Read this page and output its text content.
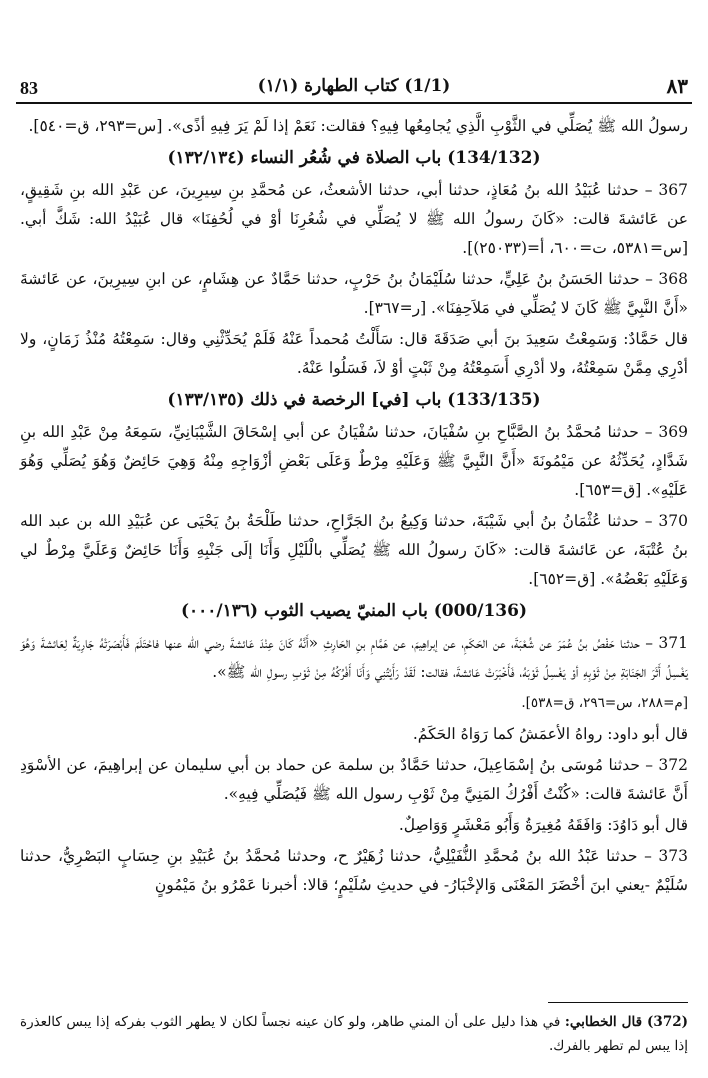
83	(1/1) كتاب الطهارة (١/١)	٨٣

رسولُ الله ﷺ يُصَلِّي في الثَّوْبِ الَّذِي يُجامِعُها فِيهِ؟ فقالت: نَعَمْ إذا لَمْ يَرَ فِيهِ أذًى». [س=٢٩٣، ق=٥٤٠].

(134/132) باب الصلاة في شُعُر النساء (١٣٢/١٣٤)

367 – حدثنا عُبَيْدُ الله بنُ مُعَاذٍ، حدثنا أبي، حدثنا الأشعثُ، عن مُحمَّدِ بنِ سِيرِينَ، عن عَبْدِ الله بنِ شَقِيقٍ، عن عَائشةَ قالت: «كَانَ رسولُ الله ﷺ لا يُصَلِّي في شُعُرِنَا أوْ في لُحُفِنَا» قال عُبَيْدُ الله: شَكَّ أبي. [س=٥٣٨١، ت=٦٠٠، أ=(٢٥٠٣٣)].

368 – حدثنا الحَسَنُ بنُ عَلِيٍّ، حدثنا سُلَيْمَانُ بنُ حَرْبٍ، حدثنا حَمَّادٌ عن هِشَامٍ، عن ابنِ سِيرِينَ، عن عَائشةَ «أَنَّ النَّبِيَّ ﷺ كَانَ لا يُصَلِّي في مَلاَحِفِنَا». [ر=٣٦٧].

قال حَمَّادٌ: وَسَمِعْتُ سَعِيدَ بنَ أبي صَدَقَةَ قال: سَأَلْتُ مُحمداً عَنْهُ فَلَمْ يُحَدِّثْنِي وقال: سَمِعْتُهُ مُنْذُ زَمَانٍ، ولا أدْرِي مِمَّنْ سَمِعْتُهُ، ولا أدْرِي أَسَمِعْتُهُ مِنْ ثَبْتٍ أوْ لاَ، فَسَلُوا عَنْهُ.

(133/135) باب [في] الرخصة في ذلك (١٣٣/١٣٥)

369 – حدثنا مُحمَّدُ بنُ الصَّبَّاحِ بنِ سُفْيَانَ، حدثنا سُفْيَانُ عن أبي إسْحَاقَ الشَّيْبَانِيِّ، سَمِعَهُ مِنْ عَبْدِ الله بنِ شَدَّادٍ، يُحَدِّثُهُ عن مَيْمُونَةَ «أَنَّ النَّبِيَّ ﷺ وَعَلَيْهِ مِرْطٌ وَعَلَى بَعْضِ أزْوَاجِهِ مِنْهُ وَهِيَ حَائِضٌ وَهُوَ يُصَلِّي وَهُوَ عَلَيْهِ». [ق=٦٥٣].

370 – حدثنا عُثْمَانُ بنُ أبي شَيْبَةَ، حدثنا وَكِيعُ بنُ الجَرَّاحِ، حدثنا طَلْحَةُ بنُ يَحْيَى عن عُبَيْدِ الله بن عبد الله بنُ عُتْبَةَ، عن عَائشةَ قالت: «كَانَ رسولُ الله ﷺ يُصَلِّي بالْلَيْلِ وَأَنَا إلَى جَنْبِهِ وَأَنَا حَائِضٌ وَعَلَيَّ مِرْطٌ لي وَعَلَيْهِ بَعْضُهُ». [ق=٦٥٢].

(000/136) باب المنيّ يصيب الثوب (٠٠٠/١٣٦)

371 – حدثنا حَفْصُ بنُ عُمَرَ عن شُعْبَةَ، عن الحَكَمِ، عن إبراهِيمَ، عن هَمَّامِ بنِ الحَارِثِ «أَنَّهُ كَانَ عِنْدَ عَائشةَ رضي الله عنها فاحْتَلَمَ فَأَبْصَرَتْهُ جَارِيَةٌ لِعَائشةَ وَهُوَ يَغْسِلُ أَثَرَ الجَنَابَةِ مِنْ ثَوْبِهِ أوْ يَغْسِلُ ثَوْبَهُ، فَأَخْبَرَتْ عَائشةَ، فقالت: لَقَدْ رَأَيْتُنِي وَأَنَا أَفْرُكُهُ مِنْ ثَوْبِ رسولِ الله ﷺ».

[م=٢٨٨، س=٢٩٦، ق=٥٣٨].

قال أبو داود: رواهُ الأعمَشُ كما رَوَاهُ الحَكَمُ.

372 – حدثنا مُوسَى بنُ إسْمَاعِيلَ، حدثنا حَمَّادٌ بن سلمة عن حماد بن أبي سليمان عن إبراهِيمَ، عن الأسْوَدِ أَنَّ عَائشةَ قالت: «كُنْتُ أَفْرُكُ المَنِيَّ مِنْ ثَوْبِ رسول الله ﷺ فَيُصَلِّي فِيهِ».

قال أبو دَاوُدَ: وَافَقَهُ مُغِيرَةُ وَأَبُو مَعْشَرٍ وَوَاصِلٌ.

373 – حدثنا عَبْدُ الله بنُ مُحمَّدِ النُّفَيْلِيُّ، حدثنا زُهَيْرٌ ح، وحدثنا مُحمَّدُ بنُ عُبَيْدِ بنِ حِسَابٍ البَصْرِيُّ، حدثنا سُلَيْمٌ -يعني ابنَ أخْضَرَ المَعْنَى وَالإخْبَارُ- في حديثِ سُلَيْمٍ؛ قالا: أخبرنا عَمْرُو بنُ مَيْمُونٍ

(372) قال الخطابي: في هذا دليل على أن المني طاهر، ولو كان عينه نجساً لكان لا يطهر الثوب بفركه إذا يبس كالعذرة إذا يبس لم تطهر بالفرك.
